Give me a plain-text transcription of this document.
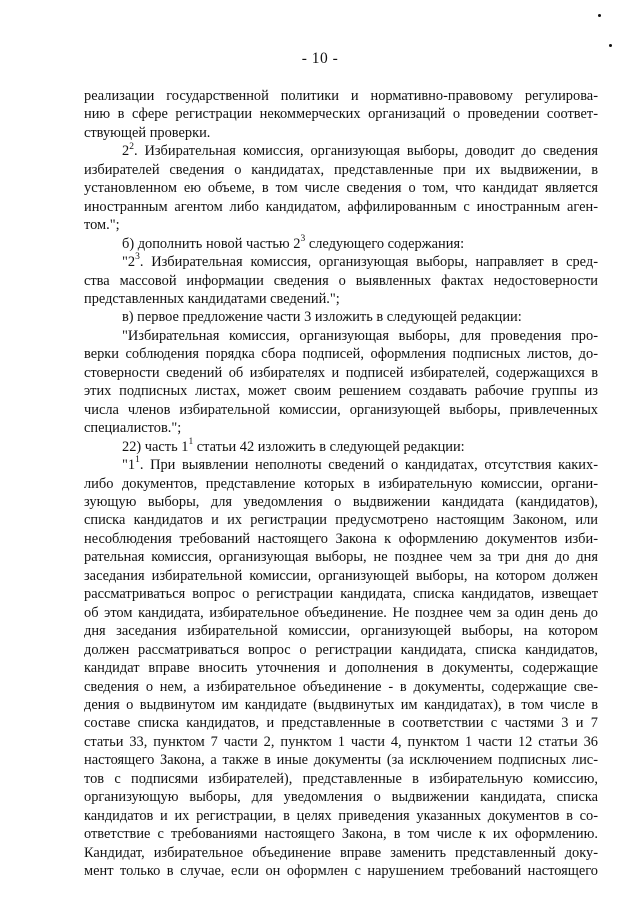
- 10 -

реализации государственной политики и нормативно-правовому регулирова-

нию в сфере регистрации некоммерческих организаций о проведении соответ-

ствующей проверки.

$2^2$. Избирательная комиссия, организующая выборы, доводит до сведения

избирателей сведения о кандидатах, представленные при их выдвижении, в

установленном ею объеме, в том числе сведения о том, что кандидат является

иностранным агентом либо кандидатом, аффилированным с иностранным аген-

том.";

б) дополнить новой частью $2^3$ следующего содержания:

"$2^3$. Избирательная комиссия, организующая выборы, направляет в сред-

ства массовой информации сведения о выявленных фактах недостоверности

представленных кандидатами сведений.";

в) первое предложение части 3 изложить в следующей редакции:

"Избирательная комиссия, организующая выборы, для проведения про-

верки соблюдения порядка сбора подписей, оформления подписных листов, до-

стоверности сведений об избирателях и подписей избирателей, содержащихся в

этих подписных листах, может своим решением создавать рабочие группы из

числа членов избирательной комиссии, организующей выборы, привлеченных

специалистов.";

22) часть $1^1$ статьи 42 изложить в следующей редакции:

"$1^1$. При выявлении неполноты сведений о кандидатах, отсутствия каких-

либо документов, представление которых в избирательную комиссии, органи-

зующую выборы, для уведомления о выдвижении кандидата (кандидатов),

списка кандидатов и их регистрации предусмотрено настоящим Законом, или

несоблюдения требований настоящего Закона к оформлению документов изби-

рательная комиссия, организующая выборы, не позднее чем за три дня до дня

заседания избирательной комиссии, организующей выборы, на котором должен

рассматриваться вопрос о регистрации кандидата, списка кандидатов, извещает

об этом кандидата, избирательное объединение. Не позднее чем за один день до

дня заседания избирательной комиссии, организующей выборы, на котором

должен рассматриваться вопрос о регистрации кандидата, списка кандидатов,

кандидат вправе вносить уточнения и дополнения в документы, содержащие

сведения о нем, а избирательное объединение - в документы, содержащие све-

дения о выдвинутом им кандидате (выдвинутых им кандидатах), в том числе в

составе списка кандидатов, и представленные в соответствии с частями 3 и 7

статьи 33, пунктом 7 части 2, пунктом 1 части 4, пунктом 1 части 12 статьи 36

настоящего Закона, а также в иные документы (за исключением подписных лис-

тов с подписями избирателей), представленные в избирательную комиссию,

организующую выборы, для уведомления о выдвижении кандидата, списка

кандидатов и их регистрации, в целях приведения указанных документов в со-

ответствие с требованиями настоящего Закона, в том числе к их оформлению.

Кандидат, избирательное объединение вправе заменить представленный доку-

мент только в случае, если он оформлен с нарушением требований настоящего
